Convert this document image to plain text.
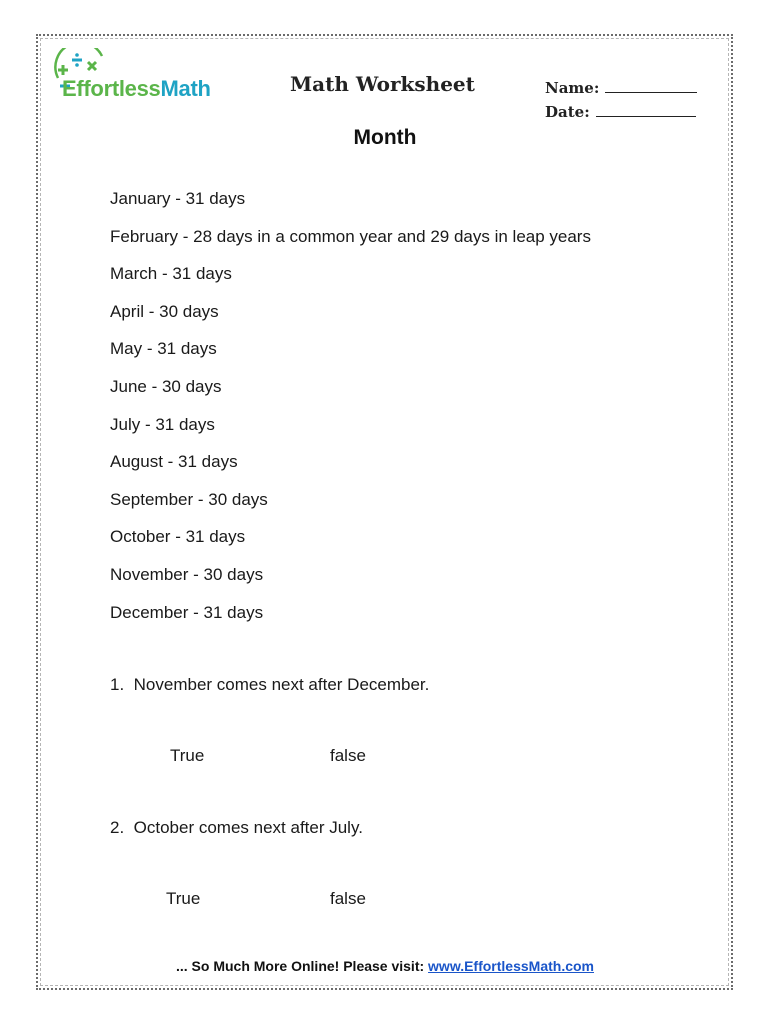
EffortlessMath	Math Worksheet	Name:
Date:
Month
January - 31 days
February - 28 days in a common year and 29 days in leap years
March - 31 days
April - 30 days
May - 31 days
June - 30 days
July - 31 days
August - 31 days
September - 30 days
October - 31 days
November - 30 days
December - 31 days
1. November comes next after December.
True	false
2. October comes next after July.
True	false
... So Much More Online! Please visit: www.EffortlessMath.com
